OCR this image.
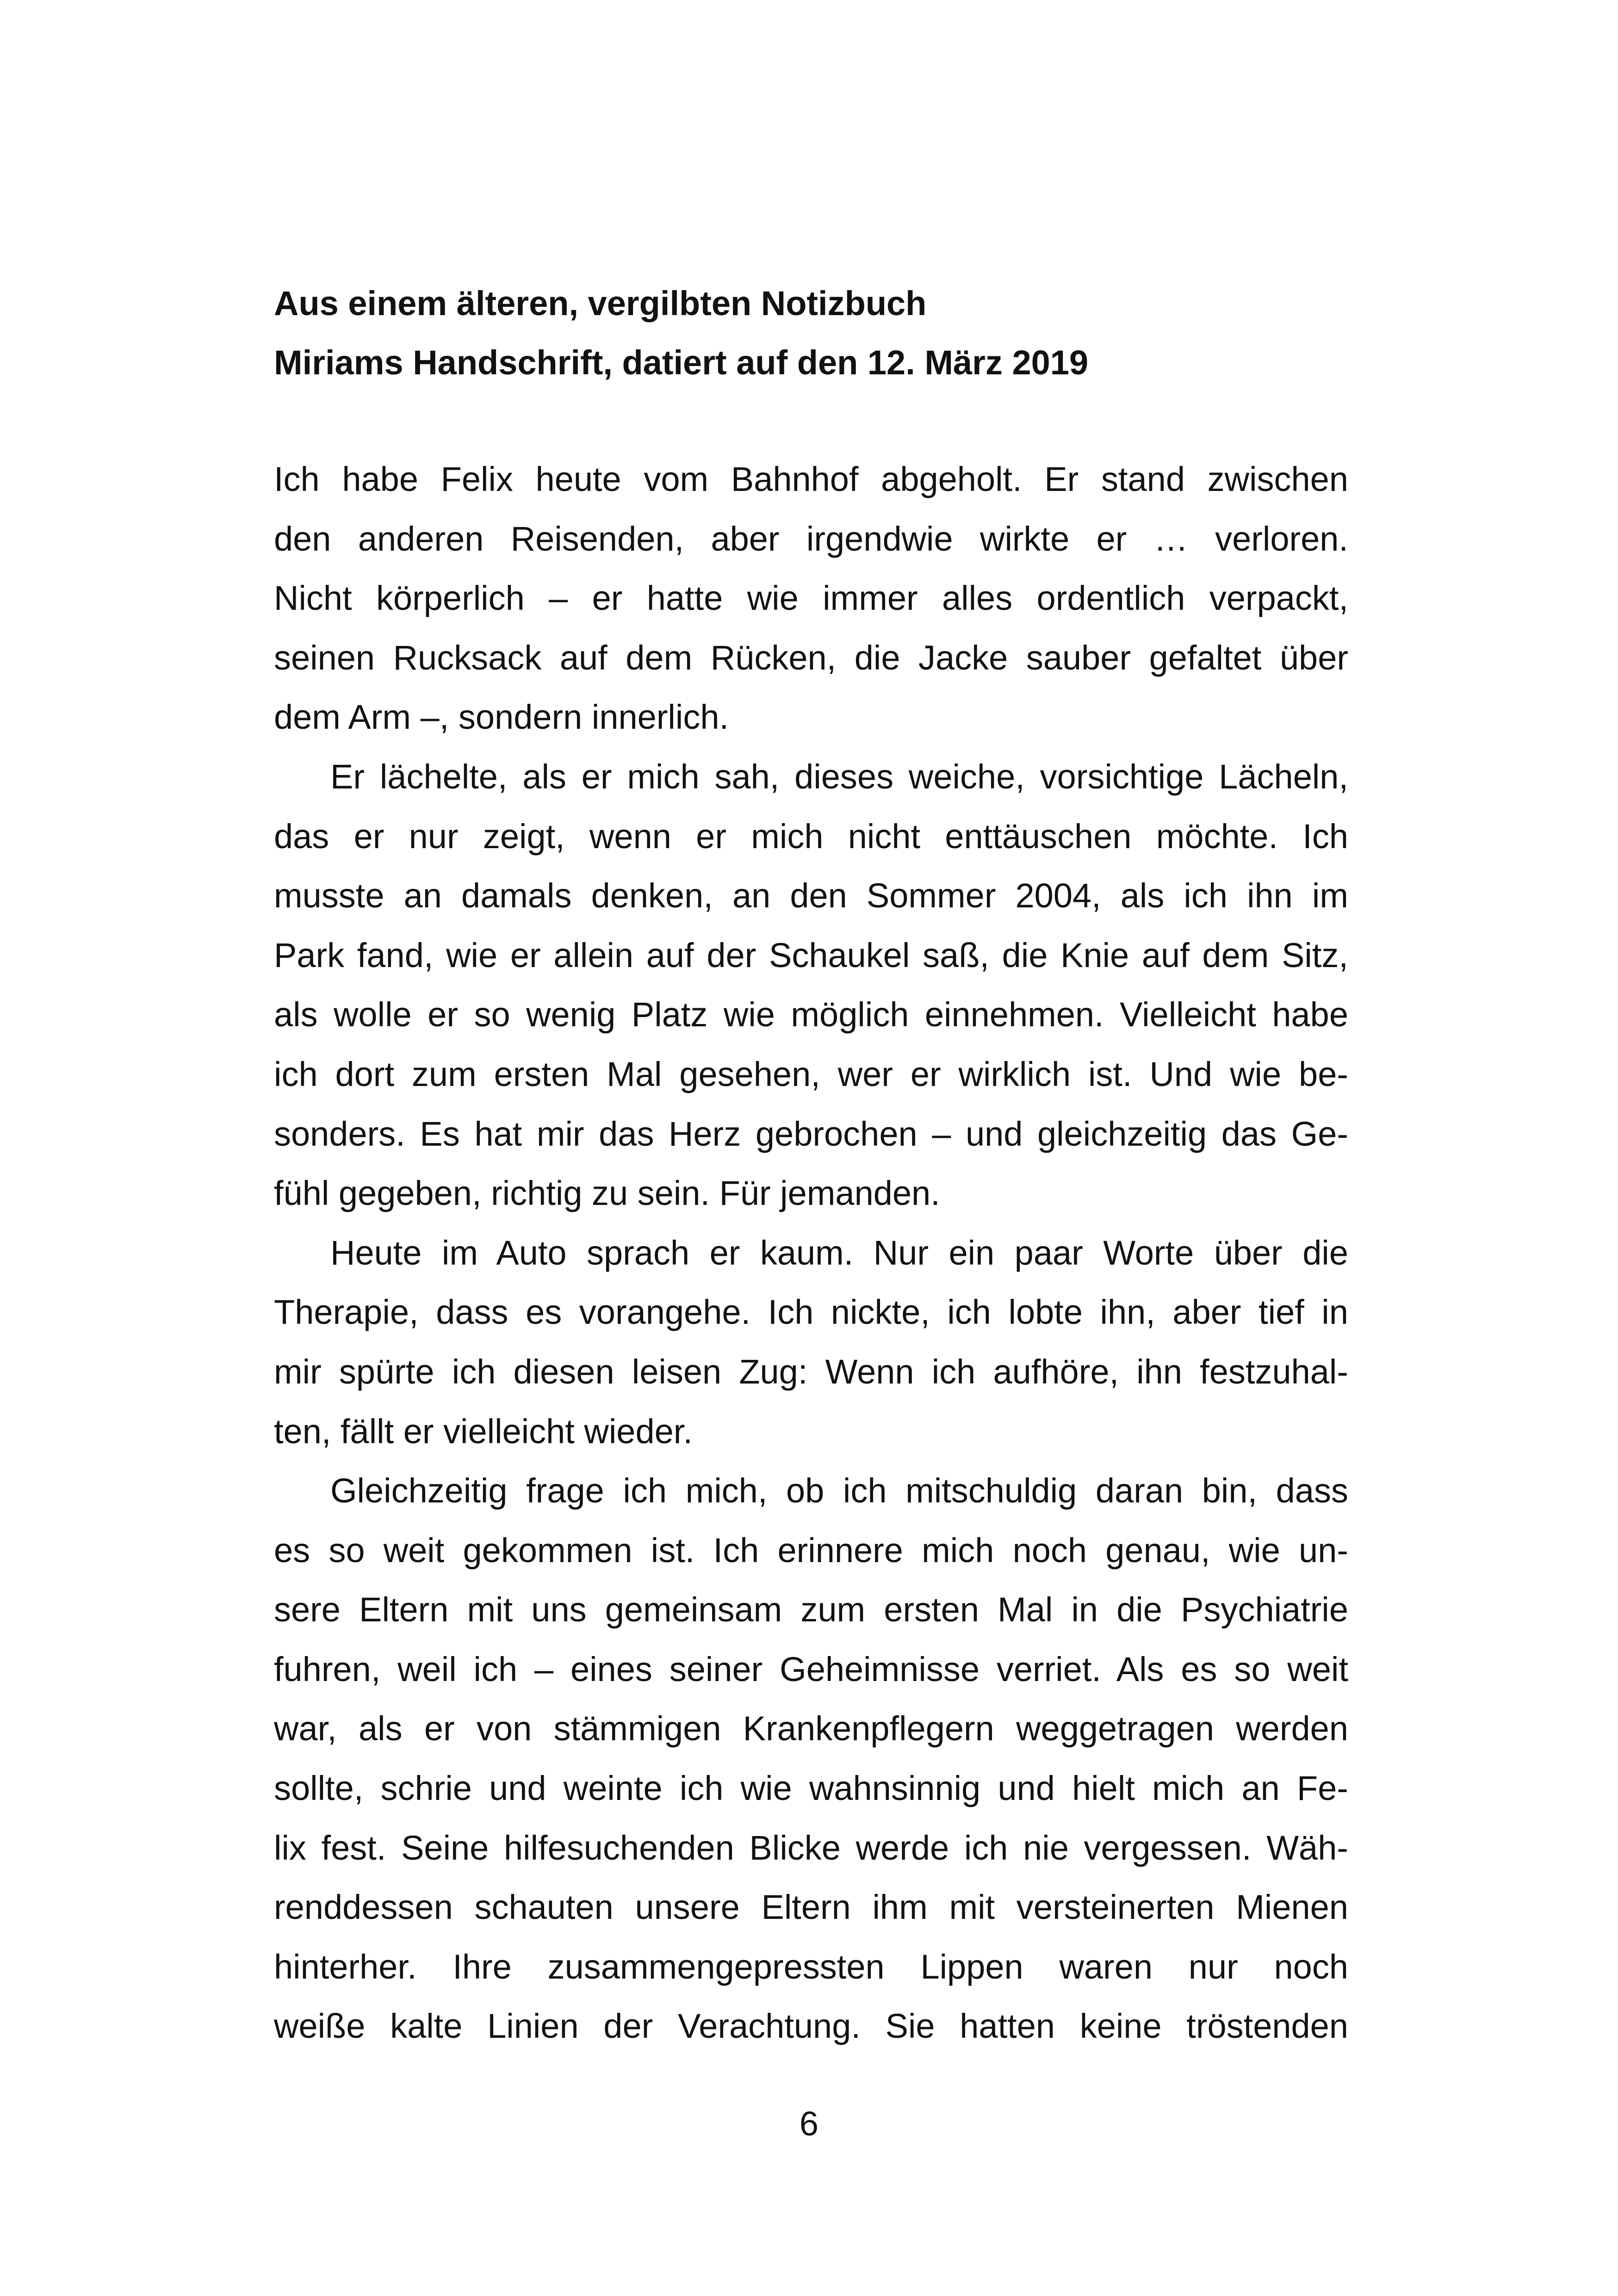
Aus einem älteren, vergilbten Notizbuch

Miriams Handschrift, datiert auf den 12. März 2019

Ich habe Felix heute vom Bahnhof abgeholt. Er stand zwischen
den anderen Reisenden, aber irgendwie wirkte er … verloren.
Nicht körperlich – er hatte wie immer alles ordentlich verpackt,
seinen Rucksack auf dem Rücken, die Jacke sauber gefaltet über
dem Arm –, sondern innerlich.
Er lächelte, als er mich sah, dieses weiche, vorsichtige Lächeln,
das er nur zeigt, wenn er mich nicht enttäuschen möchte. Ich
musste an damals denken, an den Sommer 2004, als ich ihn im
Park fand, wie er allein auf der Schaukel saß, die Knie auf dem Sitz,
als wolle er so wenig Platz wie möglich einnehmen. Vielleicht habe
ich dort zum ersten Mal gesehen, wer er wirklich ist. Und wie be-
sonders. Es hat mir das Herz gebrochen – und gleichzeitig das Ge-
fühl gegeben, richtig zu sein. Für jemanden.
Heute im Auto sprach er kaum. Nur ein paar Worte über die
Therapie, dass es vorangehe. Ich nickte, ich lobte ihn, aber tief in
mir spürte ich diesen leisen Zug: Wenn ich aufhöre, ihn festzuhal-
ten, fällt er vielleicht wieder.
Gleichzeitig frage ich mich, ob ich mitschuldig daran bin, dass
es so weit gekommen ist. Ich erinnere mich noch genau, wie un-
sere Eltern mit uns gemeinsam zum ersten Mal in die Psychiatrie
fuhren, weil ich – eines seiner Geheimnisse verriet. Als es so weit
war, als er von stämmigen Krankenpflegern weggetragen werden
sollte, schrie und weinte ich wie wahnsinnig und hielt mich an Fe-
lix fest. Seine hilfesuchenden Blicke werde ich nie vergessen. Wäh-
renddessen schauten unsere Eltern ihm mit versteinerten Mienen
hinterher. Ihre zusammengepressten Lippen waren nur noch
weiße kalte Linien der Verachtung. Sie hatten keine tröstenden
6
